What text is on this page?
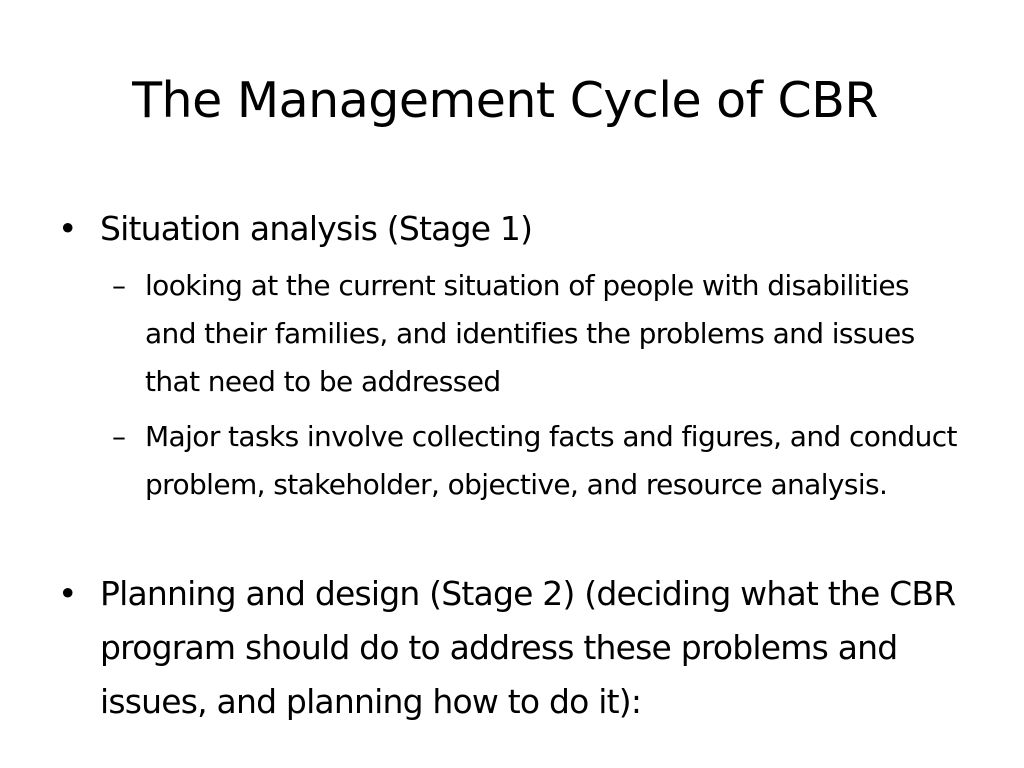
The Management Cycle of CBR
• Situation analysis (Stage 1)
– looking at the current situation of people with disabilities and their families, and identifies the problems and issues that need to be addressed
– Major tasks involve collecting facts and figures, and conduct problem, stakeholder, objective, and resource analysis.
• Planning and design (Stage 2) (deciding what the CBR program should do to address these problems and issues, and planning how to do it):
